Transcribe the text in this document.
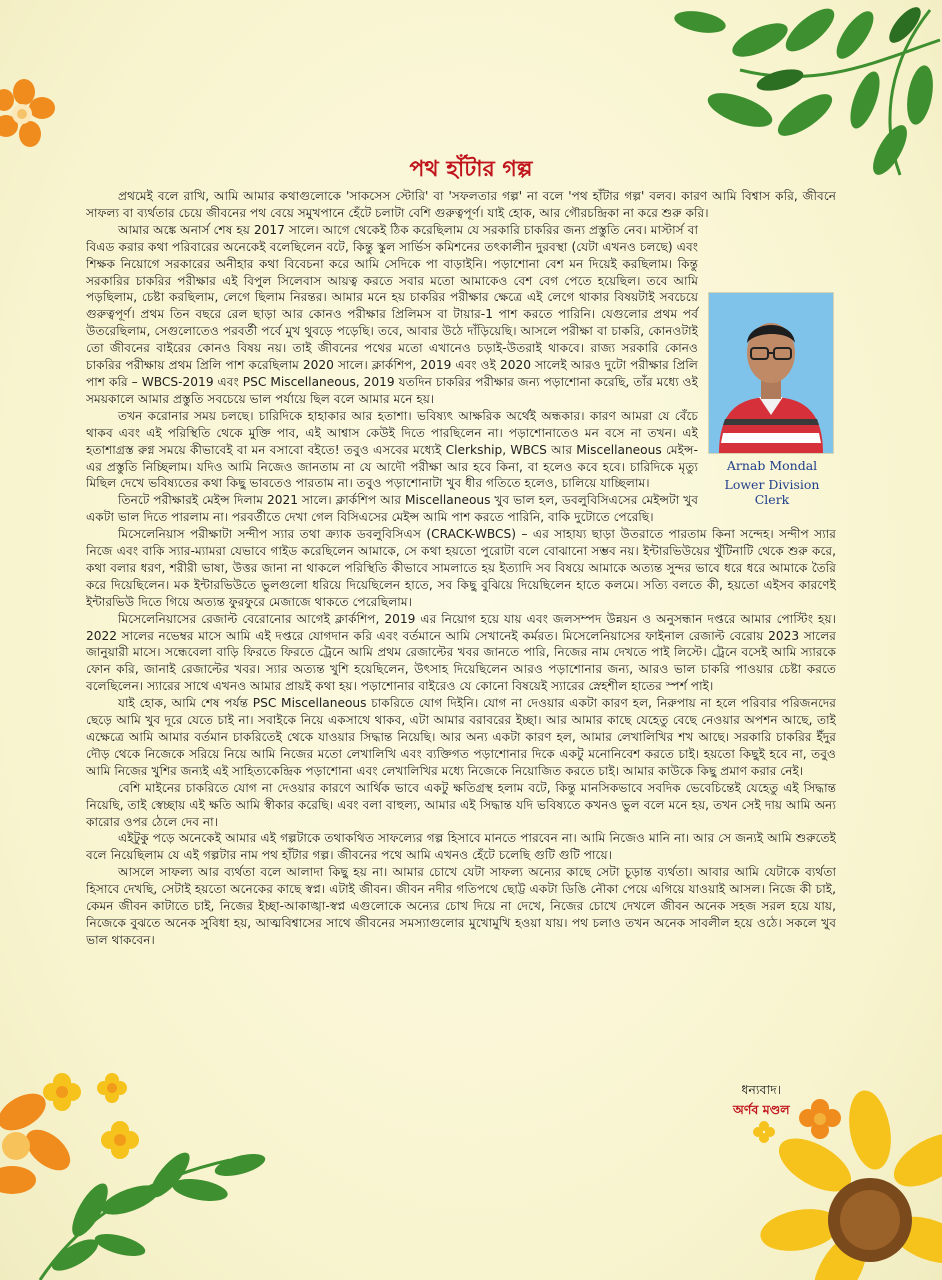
পথ হাঁটার গল্প

প্রথমেই বলে রাখি, আমি আমার কথাগুলোকে 'সাকসেস স্টোরি' বা 'সফলতার গল্প' না বলে 'পথ হাঁটার গল্প' বলব। কারণ আমি বিশ্বাস করি, জীবনে সাফল্য বা ব্যর্থতার চেয়ে জীবনের পথ বেয়ে সমুখপানে হেঁটে চলাটা বেশি গুরুত্বপূর্ণ। যাই হোক, আর গৌরচন্দ্রিকা না করে শুরু করি।

Arnab Mondal
Lower Division Clerk

আমার অঙ্কে অনার্স শেষ হয় 2017 সালে। আগে থেকেই ঠিক করেছিলাম যে সরকারি চাকরির জন্য প্রস্তুতি নেব। মাস্টার্স বা বিএড করার কথা পরিবারের অনেকেই বলেছিলেন বটে, কিন্তু স্কুল সার্ভিস কমিশনের তৎকালীন দুরবস্থা (যেটা এখনও চলছে) এবং শিক্ষক নিয়োগে সরকারের অনীহার কথা বিবেচনা করে আমি সেদিকে পা বাড়াইনি। পড়াশোনা বেশ মন দিয়েই করছিলাম। কিন্তু সরকারির চাকরির পরীক্ষার এই বিপুল সিলেবাস আয়ত্ব করতে সবার মতো আমাকেও বেশ বেগ পেতে হয়েছিল। তবে আমি পড়ছিলাম, চেষ্টা করছিলাম, লেগে ছিলাম নিরন্তর। আমার মনে হয় চাকরির পরীক্ষার ক্ষেত্রে এই লেগে থাকার বিষয়টাই সবচেয়ে গুরুত্বপূর্ণ। প্রথম তিন বছরে রেল ছাড়া আর কোনও পরীক্ষার প্রিলিমস বা টায়ার-1 পাশ করতে পারিনি। যেগুলোর প্রথম পর্ব উতরেছিলাম, সেগুলোতেও পরবর্তী পর্বে মুখ থুবড়ে পড়েছি। তবে, আবার উঠে দাঁড়িয়েছি। আসলে পরীক্ষা বা চাকরি, কোনওটাই তো জীবনের বাইরের কোনও বিষয় নয়। তাই জীবনের পথের মতো এখানেও চড়াই-উতরাই থাকবে। রাজ্য সরকারি কোনও চাকরির পরীক্ষায় প্রথম প্রিলি পাশ করেছিলাম 2020 সালে। ক্লার্কশিপ, 2019 এবং ওই 2020 সালেই আরও দুটো পরীক্ষার প্রিলি পাশ করি – WBCS-2019 এবং PSC Miscellaneous, 2019 যতদিন চাকরির পরীক্ষার জন্য পড়াশোনা করেছি, তাঁর মধ্যে ওই সময়কালে আমার প্রস্তুতি সবচেয়ে ভাল পর্যায়ে ছিল বলে আমার মনে হয়।

তখন করোনার সময় চলছে। চারিদিকে হাহাকার আর হতাশা। ভবিষ্যৎ আক্ষরিক অর্থেই অন্ধকার। কারণ আমরা যে বেঁচে থাকব এবং এই পরিস্থিতি থেকে মুক্তি পাব, এই আশ্বাস কেউই দিতে পারছিলেন না। পড়াশোনাতেও মন বসে না তখন। এই হতাশাগ্রস্ত রুগ্ন সময়ে কীভাবেই বা মন বসাবো বইতে! তবুও এসবের মধ্যেই Clerkship, WBCS আর Miscellaneous মেইন্স-এর প্রস্তুতি নিচ্ছিলাম। যদিও আমি নিজেও জানতাম না যে আদৌ পরীক্ষা আর হবে কিনা, বা হলেও কবে হবে। চারিদিকে মৃত্যু মিছিল দেখে ভবিষ্যতের কথা কিছু ভাবতেও পারতাম না। তবুও পড়াশোনাটা খুব ধীর গতিতে হলেও, চালিয়ে যাচ্ছিলাম।

তিনটে পরীক্ষারই মেইন্স দিলাম 2021 সালে। ক্লার্কশিপ আর Miscellaneous খুব ভাল হল, ডবলুবিসিএসের মেইন্সটা খুব একটা ভাল দিতে পারলাম না। পরবর্তীতে দেখা গেল বিসিএসের মেইন্স আমি পাশ করতে পারিনি, বাকি দুটোতে পেরেছি।

মিসেলেনিয়াস পরীক্ষাটা সন্দীপ স্যার তথা ক্র্যাক ডবলুবিসিএস (CRACK-WBCS) – এর সাহায্য ছাড়া উতরাতে পারতাম কিনা সন্দেহ। সন্দীপ স্যার নিজে এবং বাকি স্যার-ম্যামরা যেভাবে গাইড করেছিলেন আমাকে, সে কথা হয়তো পুরোটা বলে বোঝানো সম্ভব নয়। ইন্টারভিউয়ের খুঁটিনাটি থেকে শুরু করে, কথা বলার ধরণ, শরীরী ভাষা, উত্তর জানা না থাকলে পরিস্থিতি কীভাবে সামলাতে হয় ইত্যাদি সব বিষয়ে আমাকে অত্যন্ত সুন্দর ভাবে ধরে ধরে আমাকে তৈরি করে দিয়েছিলেন। মক ইন্টারভিউতে ভুলগুলো ধরিয়ে দিয়েছিলেন হাতে, সব কিছু বুঝিয়ে দিয়েছিলেন হাতে কলমে। সত্যি বলতে কী, হয়তো এইসব কারণেই ইন্টারভিউ দিতে গিয়ে অত্যন্ত ফুরফুরে মেজাজে থাকতে পেরেছিলাম।

মিসেলেনিয়াসের রেজাল্ট বেরোনোর আগেই ক্লার্কশিপ, 2019 এর নিয়োগ হয়ে যায় এবং জলসম্পদ উন্নয়ন ও অনুসন্ধান দপ্তরে আমার পোস্টিং হয়। 2022 সালের নভেম্বর মাসে আমি এই দপ্তরে যোগদান করি এবং বর্তমানে আমি সেখানেই কর্মরত। মিসেলেনিয়াসের ফাইনাল রেজাল্ট বেরোয় 2023 সালের জানুয়ারী মাসে। সন্ধেবেলা বাড়ি ফিরতে ফিরতে ট্রেনে আমি প্রথম রেজাল্টের খবর জানতে পারি, নিজের নাম দেখতে পাই লিস্টে। ট্রেনে বসেই আমি স্যারকে ফোন করি, জানাই রেজাল্টের খবর। স্যার অত্যন্ত খুশি হয়েছিলেন, উৎসাহ দিয়েছিলেন আরও পড়াশোনার জন্য, আরও ভাল চাকরি পাওয়ার চেষ্টা করতে বলেছিলেন। স্যারের সাথে এখনও আমার প্রায়ই কথা হয়। পড়াশোনার বাইরেও যে কোনো বিষয়েই স্যারের স্নেহশীল হাতের স্পর্শ পাই।

যাই হোক, আমি শেষ পর্যন্ত PSC Miscellaneous চাকরিতে যোগ দিইনি। যোগ না দেওয়ার একটা কারণ হল, নিরুপায় না হলে পরিবার পরিজনদের ছেড়ে আমি খুব দূরে যেতে চাই না। সবাইকে নিয়ে একসাথে থাকব, এটা আমার বরাবরের ইচ্ছা। আর আমার কাছে যেহেতু বেছে নেওয়ার অপশন আছে, তাই এক্ষেত্রে আমি আমার বর্তমান চাকরিতেই থেকে যাওয়ার সিদ্ধান্ত নিয়েছি। আর অন্য একটা কারণ হল, আমার লেখালিখির শখ আছে। সরকারি চাকরির ইঁদুর দৌড় থেকে নিজেকে সরিয়ে নিয়ে আমি নিজের মতো লেখালিখি এবং ব্যক্তিগত পড়াশোনার দিকে একটু মনোনিবেশ করতে চাই। হয়তো কিছুই হবে না, তবুও আমি নিজের খুশির জন্যই এই সাহিত্যকেন্দ্রিক পড়াশোনা এবং লেখালিখির মধ্যে নিজেকে নিয়োজিত করতে চাই। আমার কাউকে কিছু প্রমাণ করার নেই।

বেশি মাইনের চাকরিতে যোগ না দেওয়ার কারণে আর্থিক ভাবে একটু ক্ষতিগ্রস্থ হলাম বটে, কিন্তু মানসিকভাবে সবদিক ভেবেচিন্তেই যেহেতু এই সিদ্ধান্ত নিয়েছি, তাই স্বেচ্ছায় এই ক্ষতি আমি স্বীকার করেছি। এবং বলা বাহুল্য, আমার এই সিদ্ধান্ত যদি ভবিষ্যতে কখনও ভুল বলে মনে হয়, তখন সেই দায় আমি অন্য কারোর ওপর ঠেলে দেব না।

এইটুকু পড়ে অনেকেই আমার এই গল্পটাকে তথাকথিত সাফল্যের গল্প হিসাবে মানতে পারবেন না। আমি নিজেও মানি না। আর সে জন্যই আমি শুরুতেই বলে নিয়েছিলাম যে এই গল্পটার নাম পথ হাঁটার গল্প। জীবনের পথে আমি এখনও হেঁটে চলেছি গুটি গুটি পায়ে।

আসলে সাফল্য আর ব্যর্থতা বলে আলাদা কিছু হয় না। আমার চোখে যেটা সাফল্য অন্যের কাছে সেটা চূড়ান্ত ব্যর্থতা। আবার আমি যেটাকে ব্যর্থতা হিসাবে দেখছি, সেটাই হয়তো অনেকের কাছে স্বপ্ন। এটাই জীবন। জীবন নদীর গতিপথে ছোট্ট একটা ডিঙি নৌকা পেয়ে এগিয়ে যাওয়াই আসল। নিজে কী চাই, কেমন জীবন কাটাতে চাই, নিজের ইচ্ছা-আকাঙ্খা-স্বপ্ন এগুলোকে অন্যের চোখ দিয়ে না দেখে, নিজের চোখে দেখলে জীবন অনেক সহজ সরল হয়ে যায়, নিজেকে বুঝতে অনেক সুবিধা হয়, আত্মবিশ্বাসের সাথে জীবনের সমস্যাগুলোর মুখোমুখি হওয়া যায়। পথ চলাও তখন অনেক সাবলীল হয়ে ওঠে। সকলে খুব ভাল থাকবেন।

ধন্যবাদ।
অর্ণব মণ্ডল
